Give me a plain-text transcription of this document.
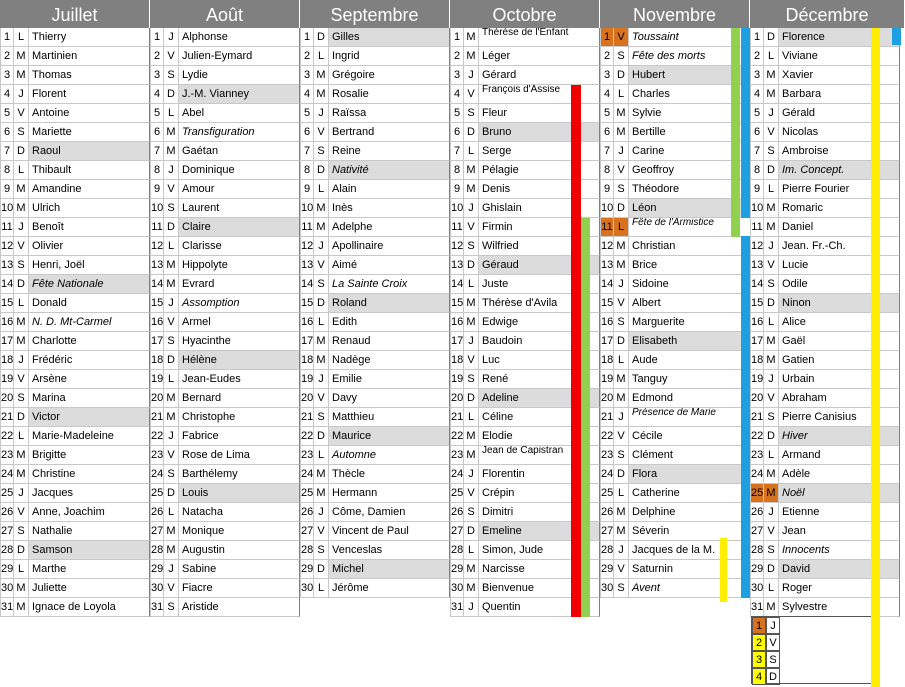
Juillet
1 L Thierry
2 M Martinien
3 M Thomas
4 J Florent
5 V Antoine
6 S Mariette
7 D Raoul
8 L Thibault
9 M Amandine
10 M Ulrich
11 J Benoît
12 V Olivier
13 S Henri, Joël
14 D Fête Nationale
15 L Donald
16 M N. D. Mt-Carmel
17 M Charlotte
18 J Frédéric
19 V Arsène
20 S Marina
21 D Victor
22 L Marie-Madeleine
23 M Brigitte
24 M Christine
25 J Jacques
26 V Anne, Joachim
27 S Nathalie
28 D Samson
29 L Marthe
30 M Juliette
31 M Ignace de Loyola
Août
1 J Alphonse
2 V Julien-Eymard
3 S Lydie
4 D J.-M. Vianney
5 L Abel
6 M Transfiguration
7 M Gaétan
8 J Dominique
9 V Amour
10 S Laurent
11 D Claire
12 L Clarisse
13 M Hippolyte
14 M Evrard
15 J Assomption
16 V Armel
17 S Hyacinthe
18 D Hélène
19 L Jean-Eudes
20 M Bernard
21 M Christophe
22 J Fabrice
23 V Rose de Lima
24 S Barthélemy
25 D Louis
26 L Natacha
27 M Monique
28 M Augustin
29 J Sabine
30 V Fiacre
31 S Aristide
Septembre
1 D Gilles
2 L Ingrid
3 M Grégoire
4 M Rosalie
5 J Raïssa
6 V Bertrand
7 S Reine
8 D Nativité
9 L Alain
10 M Inès
11 M Adelphe
12 J Apollinaire
13 V Aimé
14 S La Sainte Croix
15 D Roland
16 L Edith
17 M Renaud
18 M Nadège
19 J Emilie
20 V Davy
21 S Matthieu
22 D Maurice
23 L Automne
24 M Thècle
25 M Hermann
26 J Côme, Damien
27 V Vincent de Paul
28 S Venceslas
29 D Michel
30 L Jérôme
Octobre
1 M Thérèse de l'Enfant
2 M Léger
3 J Gérard
4 V François d'Assise
5 S Fleur
6 D Bruno
7 L Serge
8 M Pélagie
9 M Denis
10 J Ghislain
11 V Firmin
12 S Wilfried
13 D Géraud
14 L Juste
15 M Thérèse d'Avila
16 M Edwige
17 J Baudoin
18 V Luc
19 S René
20 D Adeline
21 L Céline
22 M Elodie
23 M Jean de Capistran
24 J Florentin
25 V Crépin
26 S Dimitri
27 D Emeline
28 L Simon, Jude
29 M Narcisse
30 M Bienvenue
31 J Quentin
Novembre
1 V Toussaint
2 S Fête des morts
3 D Hubert
4 L Charles
5 M Sylvie
6 M Bertille
7 J Carine
8 V Geoffroy
9 S Théodore
10 D Léon
11 L Fête de l'Armistice
12 M Christian
13 M Brice
14 J Sidoine
15 V Albert
16 S Marguerite
17 D Elisabeth
18 L Aude
19 M Tanguy
20 M Edmond
21 J Présence de Marie
22 V Cécile
23 S Clément
24 D Flora
25 L Catherine
26 M Delphine
27 M Séverin
28 J Jacques de la M.
29 V Saturnin
30 S Avent
Décembre
1 D Florence
2 L Viviane
3 M Xavier
4 M Barbara
5 J Gérald
6 V Nicolas
7 S Ambroise
8 D Im. Concept.
9 L Pierre Fourier
10 M Romaric
11 M Daniel
12 J Jean. Fr.-Ch.
13 V Lucie
14 S Odile
15 D Ninon
16 L Alice
17 M Gaël
18 M Gatien
19 J Urbain
20 V Abraham
21 S Pierre Canisius
22 D Hiver
23 L Armand
24 M Adèle
25 M Noël
26 J Etienne
27 V Jean
28 S Innocents
29 D David
30 L Roger
31 M Sylvestre
1 J
2 V
3 S
4 D
